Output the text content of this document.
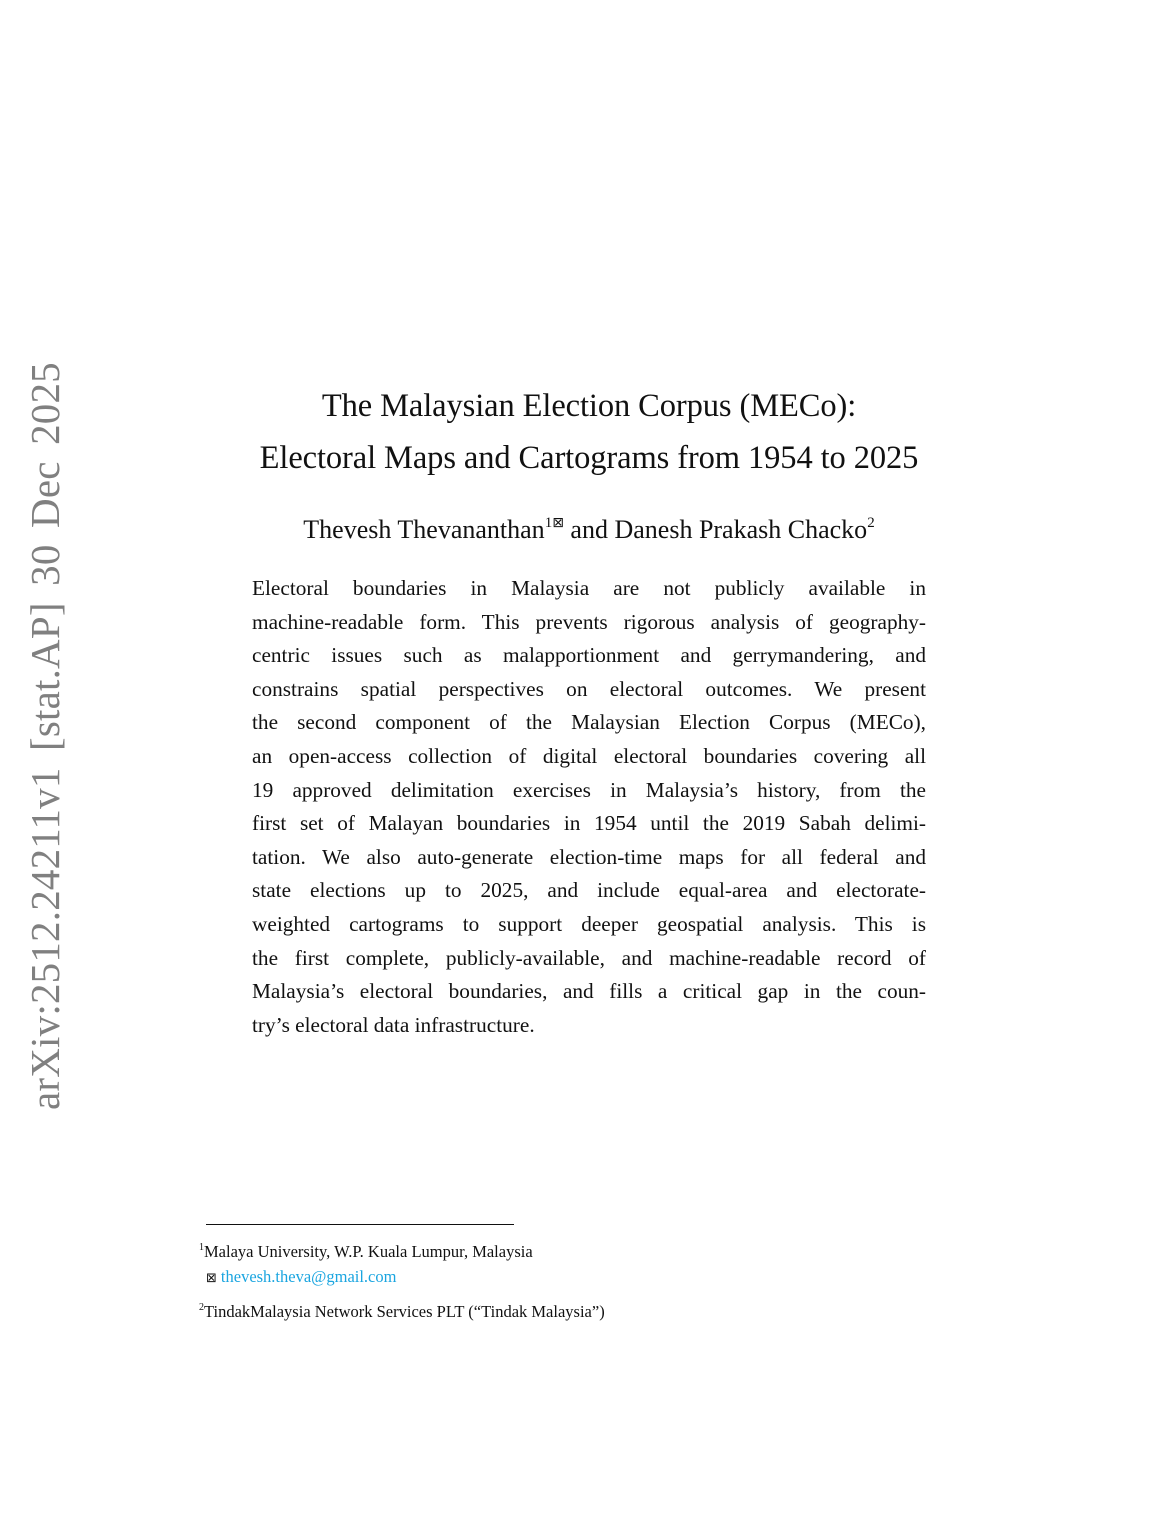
arXiv:2512.24211v1 [stat.AP] 30 Dec 2025	The Malaysian Election Corpus (MECo):
Electoral Maps and Cartograms from 1954 to 2025
Thevesh Thevananthan$^{1⊠}$ and Danesh Prakash Chacko$^2$
Electoral boundaries in Malaysia are not publicly available in
machine-readable form. This prevents rigorous analysis of geography-
centric issues such as malapportionment and gerrymandering, and
constrains spatial perspectives on electoral outcomes. We present
the second component of the Malaysian Election Corpus (MECo),
an open-access collection of digital electoral boundaries covering all
19 approved delimitation exercises in Malaysia’s history, from the
first set of Malayan boundaries in 1954 until the 2019 Sabah delimi-
tation. We also auto-generate election-time maps for all federal and
state elections up to 2025, and include equal-area and electorate-
weighted cartograms to support deeper geospatial analysis. This is
the first complete, publicly-available, and machine-readable record of
Malaysia’s electoral boundaries, and fills a critical gap in the coun-
try’s electoral data infrastructure.
$^1$Malaya University, W.P. Kuala Lumpur, Malaysia
⊠ thevesh.theva@gmail.com
$^2$TindakMalaysia Network Services PLT (“Tindak Malaysia”)
